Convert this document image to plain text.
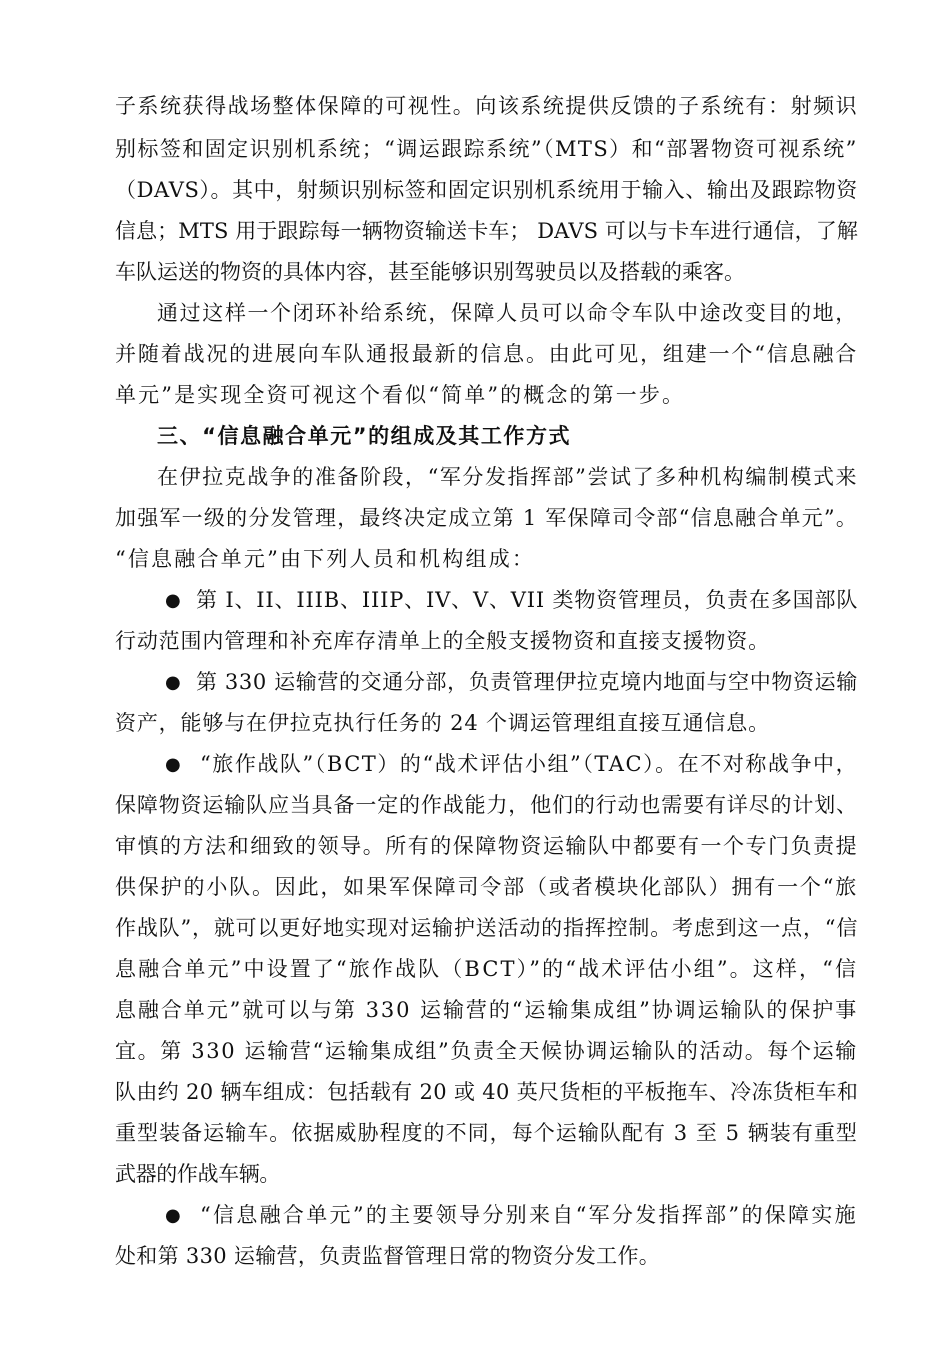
子系统获得战场整体保障的可视性。向该系统提供反馈的子系统有：射频识
别标签和固定识别机系统；“调运跟踪系统”（MTS）和“部署物资可视系统”
（DAVS）。其中，射频识别标签和固定识别机系统用于输入、输出及跟踪物资
信息；MTS 用于跟踪每一辆物资输送卡车； DAVS 可以与卡车进行通信，了解
车队运送的物资的具体内容，甚至能够识别驾驶员以及搭载的乘客。
通过这样一个闭环补给系统，保障人员可以命令车队中途改变目的地，
并随着战况的进展向车队通报最新的信息。由此可见，组建一个“信息融合
单元”是实现全资可视这个看似“简单”的概念的第一步。
三、“信息融合单元”的组成及其工作方式
在伊拉克战争的准备阶段，“军分发指挥部”尝试了多种机构编制模式来
加强军一级的分发管理，最终决定成立第 1 军保障司令部“信息融合单元”。
“信息融合单元”由下列人员和机构组成：
● 第 I、II、IIIB、IIIP、IV、V、VII 类物资管理员，负责在多国部队
行动范围内管理和补充库存清单上的全般支援物资和直接支援物资。
● 第 330 运输营的交通分部，负责管理伊拉克境内地面与空中物资运输
资产，能够与在伊拉克执行任务的 24 个调运管理组直接互通信息。
● “旅作战队”（BCT）的“战术评估小组”（TAC）。在不对称战争中，
保障物资运输队应当具备一定的作战能力，他们的行动也需要有详尽的计划、
审慎的方法和细致的领导。所有的保障物资运输队中都要有一个专门负责提
供保护的小队。因此，如果军保障司令部（或者模块化部队）拥有一个“旅
作战队”，就可以更好地实现对运输护送活动的指挥控制。考虑到这一点，“信
息融合单元”中设置了“旅作战队（BCT）”的“战术评估小组”。这样，“信
息融合单元”就可以与第 330 运输营的“运输集成组”协调运输队的保护事
宜。第 330 运输营“运输集成组”负责全天候协调运输队的活动。每个运输
队由约 20 辆车组成：包括载有 20 或 40 英尺货柜的平板拖车、冷冻货柜车和
重型装备运输车。依据威胁程度的不同，每个运输队配有 3 至 5 辆装有重型
武器的作战车辆。
● “信息融合单元”的主要领导分别来自“军分发指挥部”的保障实施
处和第 330 运输营，负责监督管理日常的物资分发工作。
